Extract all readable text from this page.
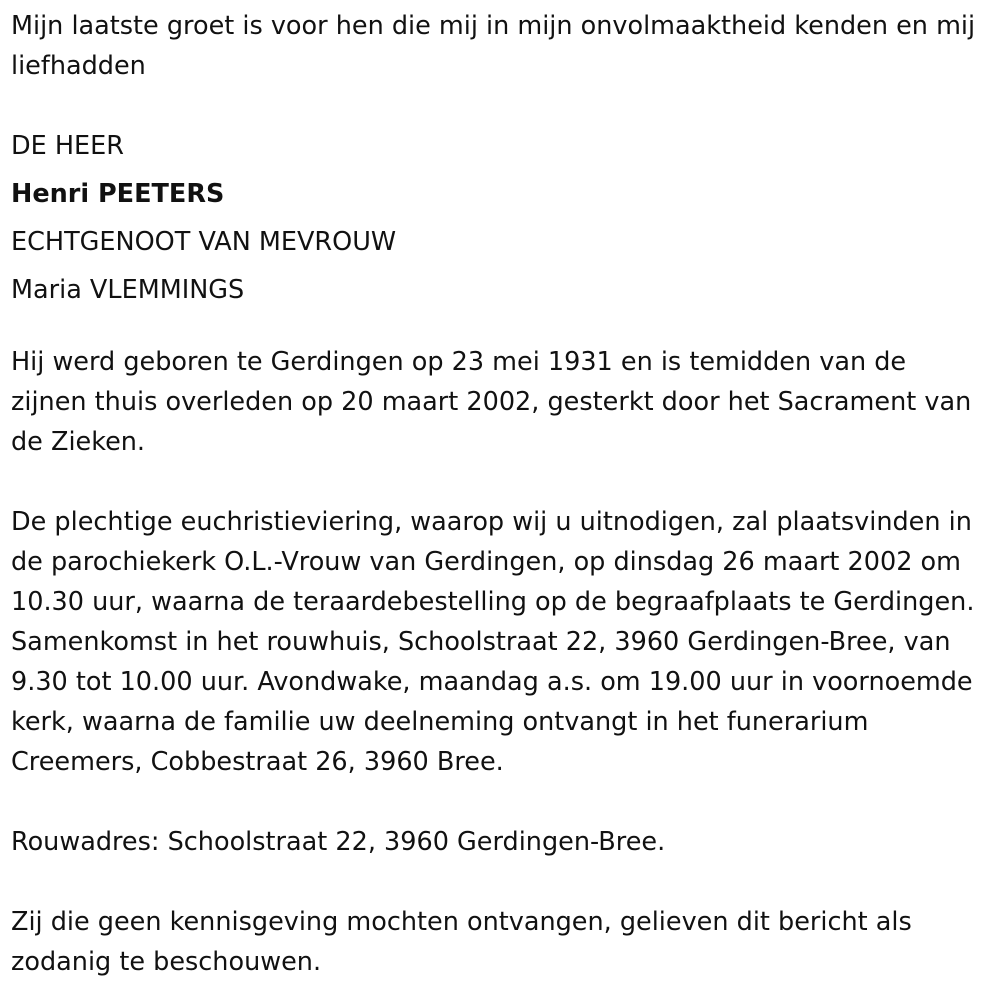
Mijn laatste groet is voor hen die mij in mijn onvolmaaktheid kenden en mij liefhadden

DE HEER
Henri PEETERS
ECHTGENOOT VAN MEVROUW
Maria VLEMMINGS

Hij werd geboren te Gerdingen op 23 mei 1931 en is temidden van de zijnen thuis overleden op 20 maart 2002, gesterkt door het Sacrament van de Zieken.

De plechtige euchristieviering, waarop wij u uitnodigen, zal plaatsvinden in de parochiekerk O.L.-Vrouw van Gerdingen, op dinsdag 26 maart 2002 om 10.30 uur, waarna de teraardebestelling op de begraafplaats te Gerdingen. Samenkomst in het rouwhuis, Schoolstraat 22, 3960 Gerdingen-Bree, van 9.30 tot 10.00 uur. Avondwake, maandag a.s. om 19.00 uur in voornoemde kerk, waarna de familie uw deelneming ontvangt in het funerarium Creemers, Cobbestraat 26, 3960 Bree.

Rouwadres: Schoolstraat 22, 3960 Gerdingen-Bree.

Zij die geen kennisgeving mochten ontvangen, gelieven dit bericht als zodanig te beschouwen.
